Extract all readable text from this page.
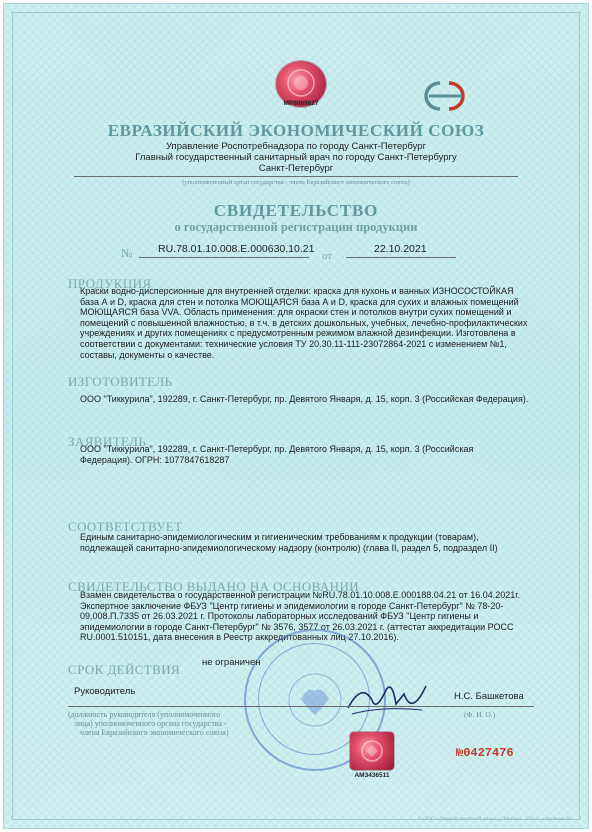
МР8869827
ЕВРАЗИЙСКИЙ ЭКОНОМИЧЕСКИЙ СОЮЗ
Управление Роспотребнадзора по городу Санкт-Петербург
Главный государственный санитарный врач по городу Санкт-Петербургу
Санкт-Петербург
(уполномоченный орган государства - члена Евразийского экономического союза)
СВИДЕТЕЛЬСТВО
о государственной регистрации продукции
№ RU.78.01.10.008.Е.000630.10.21
от
22.10.2021
ПРОДУКЦИЯ
Краски водно-дисперсионные для внутренней отделки: краска для кухонь и ванных ИЗНОСОСТОЙКАЯ
база А и D, краска для стен и потолка МОЮЩАЯСЯ база А и D, краска для сухих и влажных помещений
МОЮЩАЯСЯ база VVA. Область применения: для окраски стен и потолков внутри сухих помещений и
помещений с повышенной влажностью, в т.ч. в детских дошкольных, учебных, лечебно-профилактических
учреждениях и других помещениях с предусмотренным режимом влажной дезинфекции. Изготовлена в
соответствии с документами: технические условия ТУ 20.30.11-111-23072864-2021 с изменением №1,
составы, документы о качестве.
ИЗГОТОВИТЕЛЬ
ООО "Тиккурила", 192289, г. Санкт-Петербург, пр. Девятого Января, д. 15, корп. 3 (Российская Федерация).
ЗАЯВИТЕЛЬ
ООО "Тиккурила", 192289, г. Санкт-Петербург, пр. Девятого Января, д. 15, корп. 3 (Российская
Федерация). ОГРН: 1077847618287
СООТВЕТСТВУЕТ
Единым санитарно-эпидемиологическим и гигиеническим требованиям к продукции (товарам),
подлежащей санитарно-эпидемиологическому надзору (контролю) (глава II, раздел 5, подраздел II)
СВИДЕТЕЛЬСТВО ВЫДАНО НА ОСНОВАНИИ
Взамен свидетельства о государственной регистрации №RU.78.01.10.008.Е.000188.04.21 от 16.04.2021г.
Экспертное заключение ФБУЗ "Центр гигиены и эпидемиологии в городе Санкт-Петербург" № 78-20-
09.008.П.7335 от 26.03.2021 г. Протоколы лабораторных исследований ФБУЗ "Центр гигиены и
эпидемиологии в городе Санкт-Петербург" № 3576, 3577 от 26.03.2021 г. (аттестат аккредитации РОСС
RU.0001.510151, дата внесения в Реестр аккредитованных лиц 27.10.2016).
СРОК ДЕЙСТВИЯ не ограничен
Руководитель	Н.С. Башкетова
(должность руководителя (уполномоченного
лица) уполномоченного органа государства -
члена Евразийского экономического союза)
(Ф. И. О.)
АМ3436511
№0427476
© ООО «Первый печатный двор», г. Москва, 2020 г., «Уровень В»
